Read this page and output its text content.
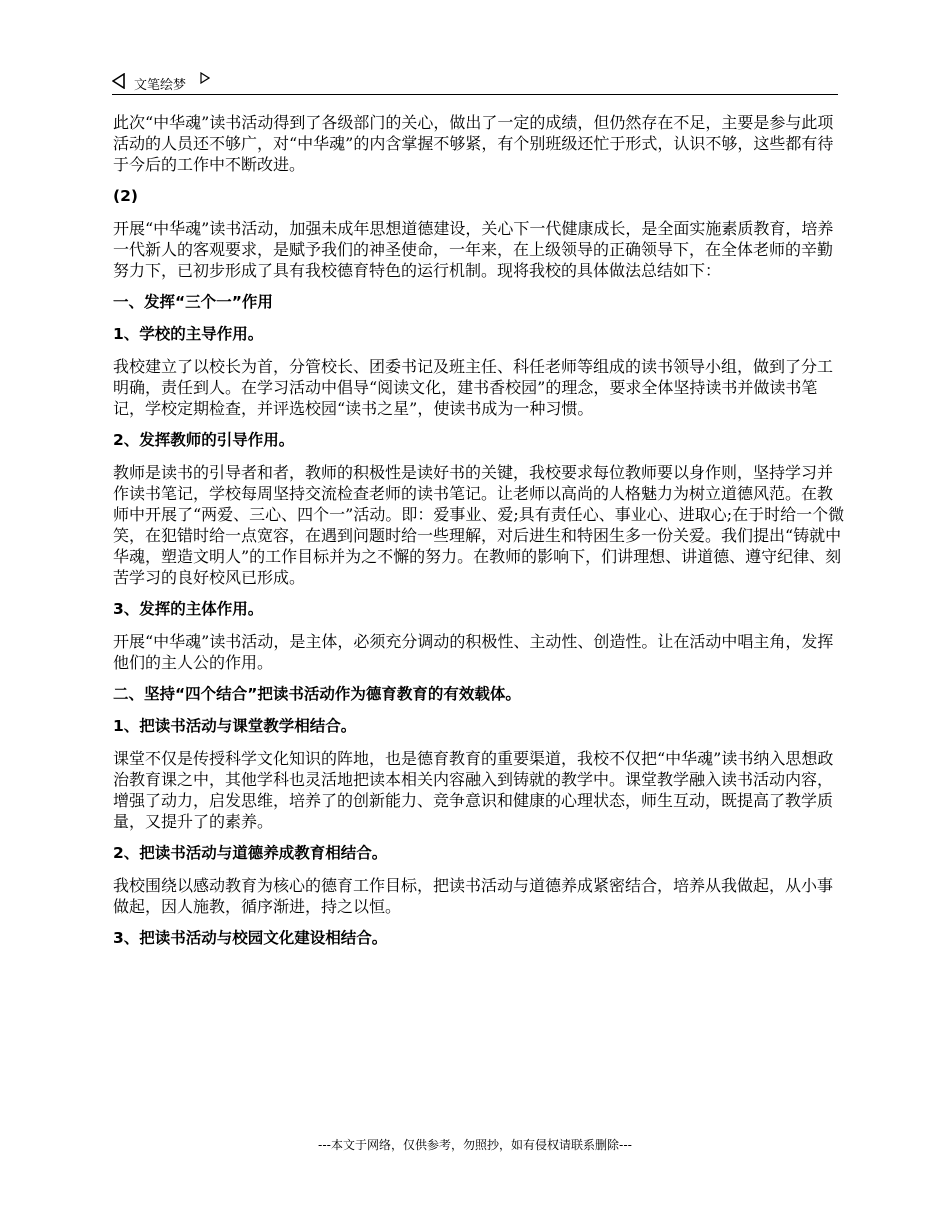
文笔绘梦

此次“中华魂”读书活动得到了各级部门的关心，做出了一定的成绩，但仍然存在不足，主要是参与此项活动的人员还不够广，对“中华魂”的内含掌握不够紧，有个别班级还忙于形式，认识不够，这些都有待于今后的工作中不断改进。

(2)

开展“中华魂”读书活动，加强未成年思想道德建设，关心下一代健康成长，是全面实施素质教育，培养一代新人的客观要求，是赋予我们的神圣使命，一年来，在上级领导的正确领导下，在全体老师的辛勤努力下，已初步形成了具有我校德育特色的运行机制。现将我校的具体做法总结如下：

一、发挥“三个一”作用
1、学校的主导作用。

我校建立了以校长为首，分管校长、团委书记及班主任、科任老师等组成的读书领导小组，做到了分工明确，责任到人。在学习活动中倡导“阅读文化，建书香校园”的理念，要求全体坚持读书并做读书笔记，学校定期检查，并评选校园“读书之星”，使读书成为一种习惯。

2、发挥教师的引导作用。

教师是读书的引导者和者，教师的积极性是读好书的关键，我校要求每位教师要以身作则，坚持学习并作读书笔记，学校每周坚持交流检查老师的读书笔记。让老师以高尚的人格魅力为树立道德风范。在教师中开展了“两爱、三心、四个一”活动。即：爱事业、爱;具有责任心、事业心、进取心;在于时给一个微笑，在犯错时给一点宽容，在遇到问题时给一些理解，对后进生和特困生多一份关爱。我们提出“铸就中华魂，塑造文明人”的工作目标并为之不懈的努力。在教师的影响下，们讲理想、讲道德、遵守纪律、刻苦学习的良好校风已形成。

3、发挥的主体作用。

开展“中华魂”读书活动，是主体，必须充分调动的积极性、主动性、创造性。让在活动中唱主角，发挥他们的主人公的作用。

二、坚持“四个结合”把读书活动作为德育教育的有效载体。
1、把读书活动与课堂教学相结合。

课堂不仅是传授科学文化知识的阵地，也是德育教育的重要渠道，我校不仅把“中华魂”读书纳入思想政治教育课之中，其他学科也灵活地把读本相关内容融入到铸就的教学中。课堂教学融入读书活动内容，增强了动力，启发思维，培养了的创新能力、竞争意识和健康的心理状态，师生互动，既提高了教学质量，又提升了的素养。

2、把读书活动与道德养成教育相结合。

我校围绕以感动教育为核心的德育工作目标，把读书活动与道德养成紧密结合，培养从我做起，从小事做起，因人施教，循序渐进，持之以恒。

3、把读书活动与校园文化建设相结合。
---本文于网络，仅供参考，勿照抄，如有侵权请联系删除---
